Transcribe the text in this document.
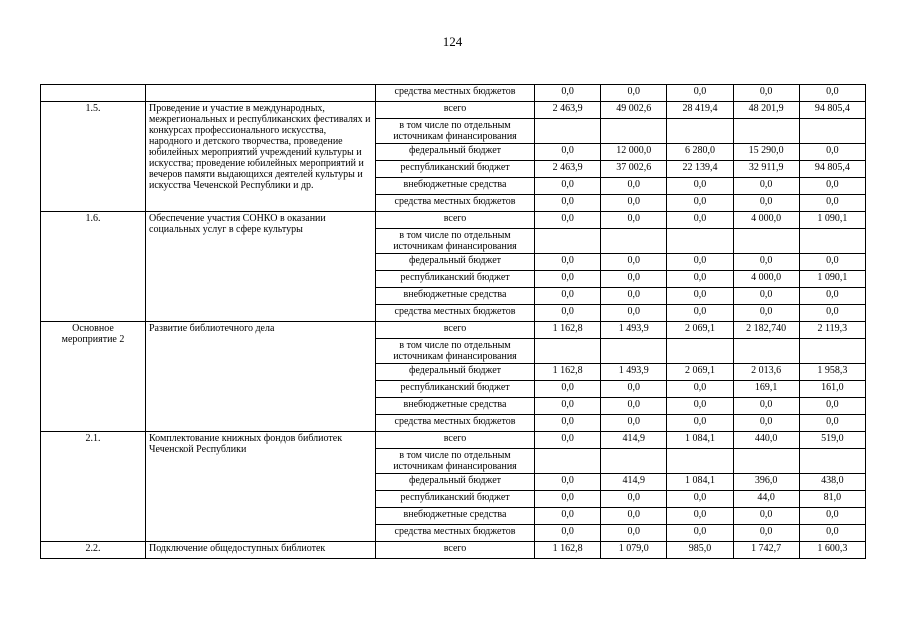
124
		средства местных бюджетов	0,0	0,0	0,0	0,0	0,0
1.5.	Проведение и участие в международных, межрегиональных и республиканских фестивалях и конкурсах профессионального искусства, народного и детского творчества, проведение юбилейных мероприятий учреждений культуры и искусства; проведение юбилейных мероприятий и вечеров памяти выдающихся деятелей культуры и искусства Чеченской Республики и др.	всего	2 463,9	49 002,6	28 419,4	48 201,9	94 805,4
		в том числе по отдельным источникам финансирования					
		федеральный бюджет	0,0	12 000,0	6 280,0	15 290,0	0,0
		республиканский бюджет	2 463,9	37 002,6	22 139,4	32 911,9	94 805,4
		внебюджетные средства	0,0	0,0	0,0	0,0	0,0
		средства местных бюджетов	0,0	0,0	0,0	0,0	0,0
1.6.	Обеспечение участия СОНКО в оказании социальных услуг в сфере культуры	всего	0,0	0,0	0,0	4 000,0	1 090,1
		в том числе по отдельным источникам финансирования					
		федеральный бюджет	0,0	0,0	0,0	0,0	0,0
		республиканский бюджет	0,0	0,0	0,0	4 000,0	1 090,1
		внебюджетные средства	0,0	0,0	0,0	0,0	0,0
		средства местных бюджетов	0,0	0,0	0,0	0,0	0,0
Основное мероприятие 2	Развитие библиотечного дела	всего	1 162,8	1 493,9	2 069,1	2 182,740	2 119,3
		в том числе по отдельным источникам финансирования					
		федеральный бюджет	1 162,8	1 493,9	2 069,1	2 013,6	1 958,3
		республиканский бюджет	0,0	0,0	0,0	169,1	161,0
		внебюджетные средства	0,0	0,0	0,0	0,0	0,0
		средства местных бюджетов	0,0	0,0	0,0	0,0	0,0
2.1.	Комплектование книжных фондов библиотек Чеченской Республики	всего	0,0	414,9	1 084,1	440,0	519,0
		в том числе по отдельным источникам финансирования					
		федеральный бюджет	0,0	414,9	1 084,1	396,0	438,0
		республиканский бюджет	0,0	0,0	0,0	44,0	81,0
		внебюджетные средства	0,0	0,0	0,0	0,0	0,0
		средства местных бюджетов	0,0	0,0	0,0	0,0	0,0
2.2.	Подключение общедоступных библиотек	всего	1 162,8	1 079,0	985,0	1 742,7	1 600,3
